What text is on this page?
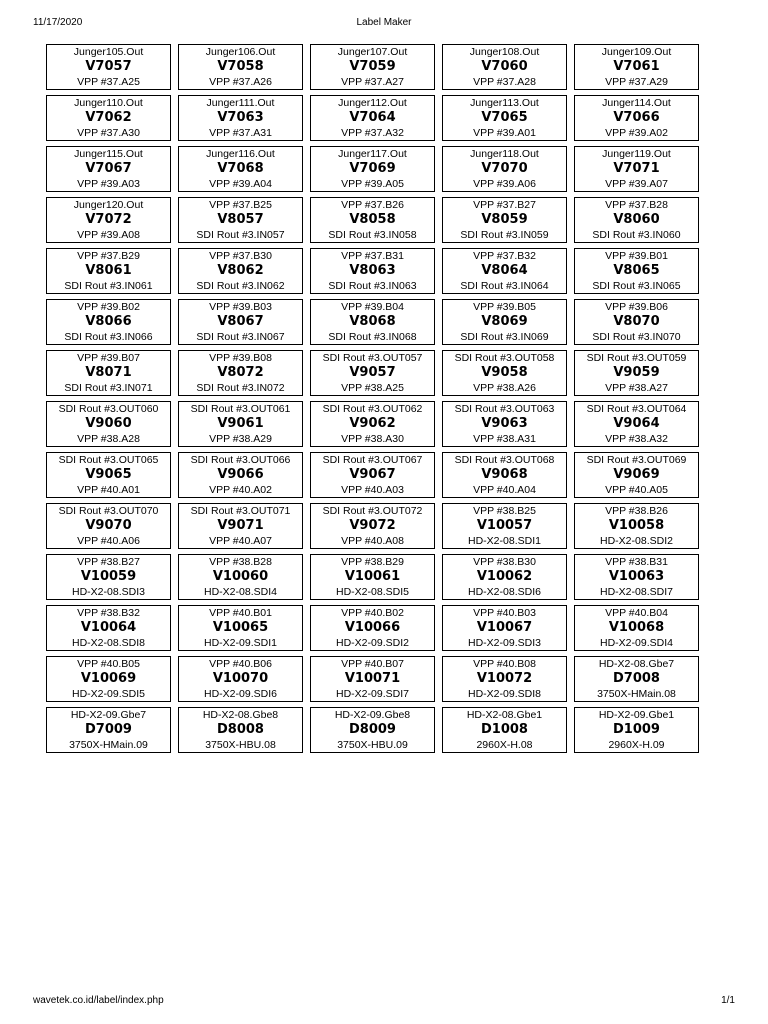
11/17/2020	Label Maker
Junger105.Out
V7057
VPP #37.A25
Junger106.Out
V7058
VPP #37.A26
Junger107.Out
V7059
VPP #37.A27
Junger108.Out
V7060
VPP #37.A28
Junger109.Out
V7061
VPP #37.A29
Junger110.Out
V7062
VPP #37.A30
Junger111.Out
V7063
VPP #37.A31
Junger112.Out
V7064
VPP #37.A32
Junger113.Out
V7065
VPP #39.A01
Junger114.Out
V7066
VPP #39.A02
Junger115.Out
V7067
VPP #39.A03
Junger116.Out
V7068
VPP #39.A04
Junger117.Out
V7069
VPP #39.A05
Junger118.Out
V7070
VPP #39.A06
Junger119.Out
V7071
VPP #39.A07
Junger120.Out
V7072
VPP #39.A08
VPP #37.B25
V8057
SDI Rout #3.IN057
VPP #37.B26
V8058
SDI Rout #3.IN058
VPP #37.B27
V8059
SDI Rout #3.IN059
VPP #37.B28
V8060
SDI Rout #3.IN060
VPP #37.B29
V8061
SDI Rout #3.IN061
VPP #37.B30
V8062
SDI Rout #3.IN062
VPP #37.B31
V8063
SDI Rout #3.IN063
VPP #37.B32
V8064
SDI Rout #3.IN064
VPP #39.B01
V8065
SDI Rout #3.IN065
VPP #39.B02
V8066
SDI Rout #3.IN066
VPP #39.B03
V8067
SDI Rout #3.IN067
VPP #39.B04
V8068
SDI Rout #3.IN068
VPP #39.B05
V8069
SDI Rout #3.IN069
VPP #39.B06
V8070
SDI Rout #3.IN070
VPP #39.B07
V8071
SDI Rout #3.IN071
VPP #39.B08
V8072
SDI Rout #3.IN072
SDI Rout #3.OUT057
V9057
VPP #38.A25
SDI Rout #3.OUT058
V9058
VPP #38.A26
SDI Rout #3.OUT059
V9059
VPP #38.A27
SDI Rout #3.OUT060
V9060
VPP #38.A28
SDI Rout #3.OUT061
V9061
VPP #38.A29
SDI Rout #3.OUT062
V9062
VPP #38.A30
SDI Rout #3.OUT063
V9063
VPP #38.A31
SDI Rout #3.OUT064
V9064
VPP #38.A32
SDI Rout #3.OUT065
V9065
VPP #40.A01
SDI Rout #3.OUT066
V9066
VPP #40.A02
SDI Rout #3.OUT067
V9067
VPP #40.A03
SDI Rout #3.OUT068
V9068
VPP #40.A04
SDI Rout #3.OUT069
V9069
VPP #40.A05
SDI Rout #3.OUT070
V9070
VPP #40.A06
SDI Rout #3.OUT071
V9071
VPP #40.A07
SDI Rout #3.OUT072
V9072
VPP #40.A08
VPP #38.B25
V10057
HD-X2-08.SDI1
VPP #38.B26
V10058
HD-X2-08.SDI2
VPP #38.B27
V10059
HD-X2-08.SDI3
VPP #38.B28
V10060
HD-X2-08.SDI4
VPP #38.B29
V10061
HD-X2-08.SDI5
VPP #38.B30
V10062
HD-X2-08.SDI6
VPP #38.B31
V10063
HD-X2-08.SDI7
VPP #38.B32
V10064
HD-X2-08.SDI8
VPP #40.B01
V10065
HD-X2-09.SDI1
VPP #40.B02
V10066
HD-X2-09.SDI2
VPP #40.B03
V10067
HD-X2-09.SDI3
VPP #40.B04
V10068
HD-X2-09.SDI4
VPP #40.B05
V10069
HD-X2-09.SDI5
VPP #40.B06
V10070
HD-X2-09.SDI6
VPP #40.B07
V10071
HD-X2-09.SDI7
VPP #40.B08
V10072
HD-X2-09.SDI8
HD-X2-08.Gbe7
D7008
3750X-HMain.08
HD-X2-09.Gbe7
D7009
3750X-HMain.09
HD-X2-08.Gbe8
D8008
3750X-HBU.08
HD-X2-09.Gbe8
D8009
3750X-HBU.09
HD-X2-08.Gbe1
D1008
2960X-H.08
HD-X2-09.Gbe1
D1009
2960X-H.09
wavetek.co.id/label/index.php	1/1
